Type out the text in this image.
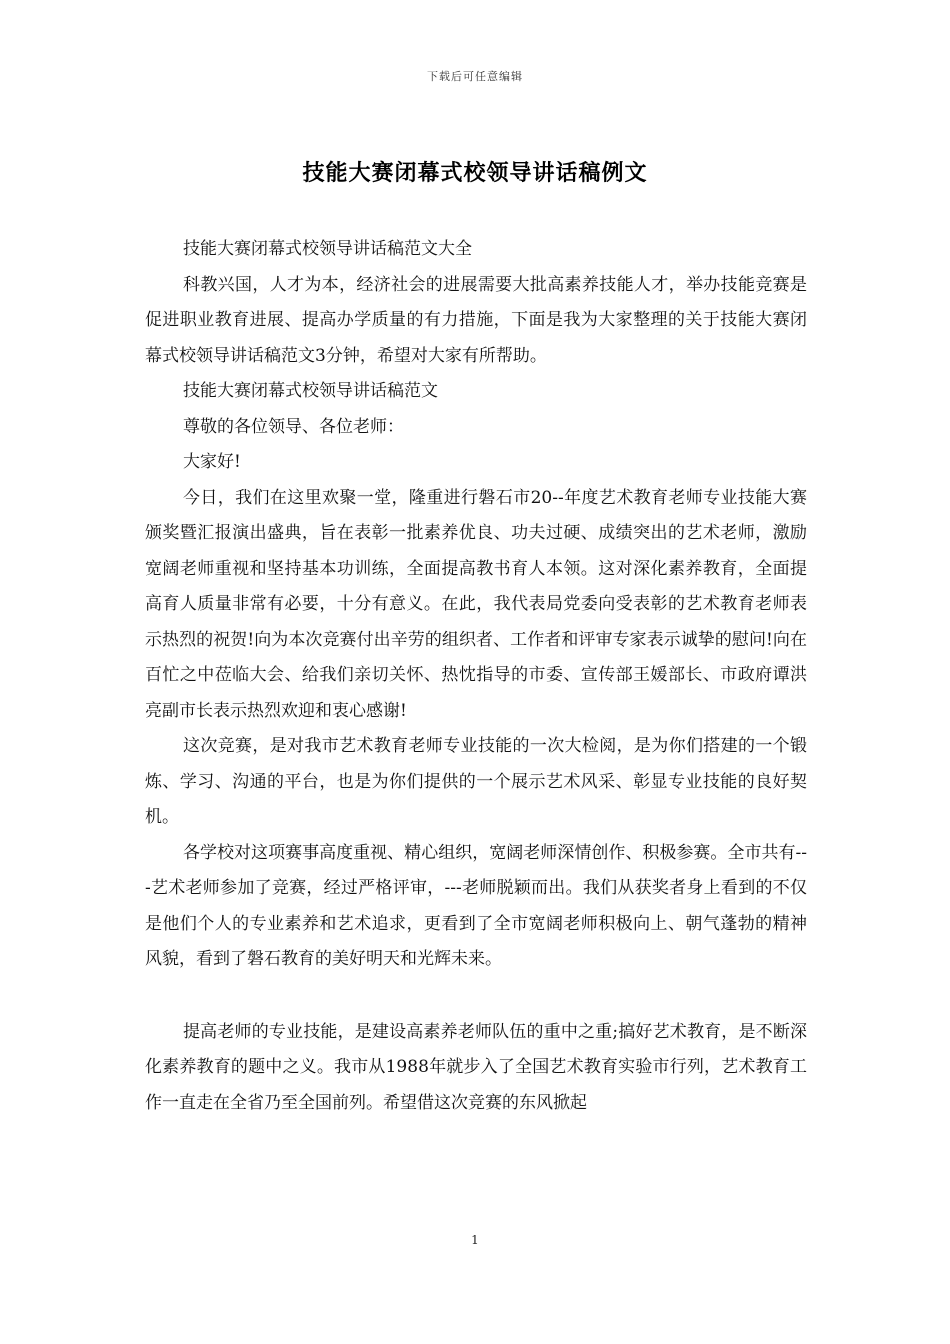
下载后可任意编辑
技能大赛闭幕式校领导讲话稿例文

技能大赛闭幕式校领导讲话稿范文大全

科教兴国，人才为本，经济社会的进展需要大批高素养技能人才，举办技能竞赛是促进职业教育进展、提高办学质量的有力措施，下面是我为大家整理的关于技能大赛闭幕式校领导讲话稿范文3分钟，希望对大家有所帮助。

技能大赛闭幕式校领导讲话稿范文

尊敬的各位领导、各位老师：

大家好!

今日，我们在这里欢聚一堂，隆重进行磐石市20--年度艺术教育老师专业技能大赛颁奖暨汇报演出盛典，旨在表彰一批素养优良、功夫过硬、成绩突出的艺术老师，激励宽阔老师重视和坚持基本功训练，全面提高教书育人本领。这对深化素养教育，全面提高育人质量非常有必要，十分有意义。在此，我代表局党委向受表彰的艺术教育老师表示热烈的祝贺!向为本次竞赛付出辛劳的组织者、工作者和评审专家表示诚挚的慰问!向在百忙之中莅临大会、给我们亲切关怀、热忱指导的市委、宣传部王媛部长、市政府谭洪亮副市长表示热烈欢迎和衷心感谢!

这次竞赛，是对我市艺术教育老师专业技能的一次大检阅，是为你们搭建的一个锻炼、学习、沟通的平台，也是为你们提供的一个展示艺术风采、彰显专业技能的良好契机。

各学校对这项赛事高度重视、精心组织，宽阔老师深情创作、积极参赛。全市共有---艺术老师参加了竞赛，经过严格评审，---老师脱颖而出。我们从获奖者身上看到的不仅是他们个人的专业素养和艺术追求，更看到了全市宽阔老师积极向上、朝气蓬勃的精神风貌，看到了磐石教育的美好明天和光辉未来。

提高老师的专业技能，是建设高素养老师队伍的重中之重;搞好艺术教育，是不断深化素养教育的题中之义。我市从1988年就步入了全国艺术教育实验市行列，艺术教育工作一直走在全省乃至全国前列。希望借这次竞赛的东风掀起

1
